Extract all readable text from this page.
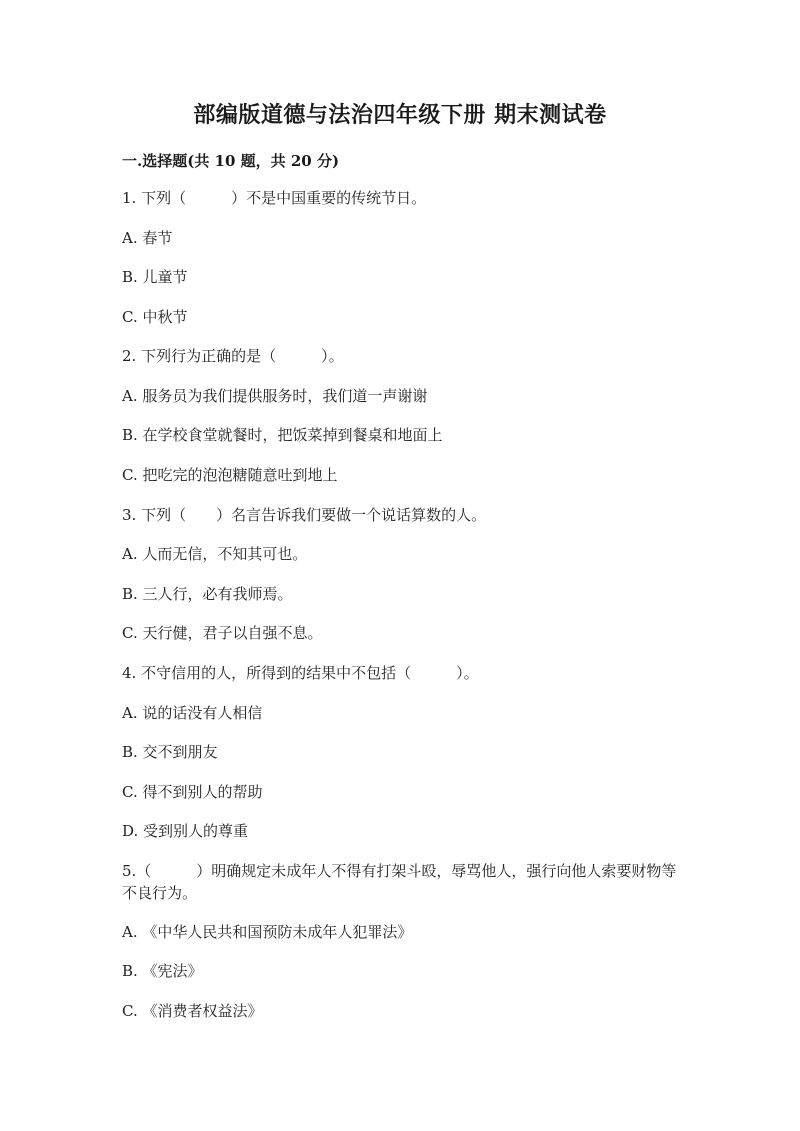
部编版道德与法治四年级下册 期末测试卷
一.选择题(共 10 题，共 20 分)
1. 下列（　　　）不是中国重要的传统节日。
A. 春节
B. 儿童节
C. 中秋节
2. 下列行为正确的是（　　　）。
A. 服务员为我们提供服务时，我们道一声谢谢
B. 在学校食堂就餐时，把饭菜掉到餐桌和地面上
C. 把吃完的泡泡糖随意吐到地上
3. 下列（　　）名言告诉我们要做一个说话算数的人。
A. 人而无信，不知其可也。
B. 三人行，必有我师焉。
C. 天行健，君子以自强不息。
4. 不守信用的人，所得到的结果中不包括（　　　）。
A. 说的话没有人相信
B. 交不到朋友
C. 得不到别人的帮助
D. 受到别人的尊重
5.（　　　）明确规定未成年人不得有打架斗殴，辱骂他人，强行向他人索要财物等不良行为。
A. 《中华人民共和国预防未成年人犯罪法》
B. 《宪法》
C. 《消费者权益法》
